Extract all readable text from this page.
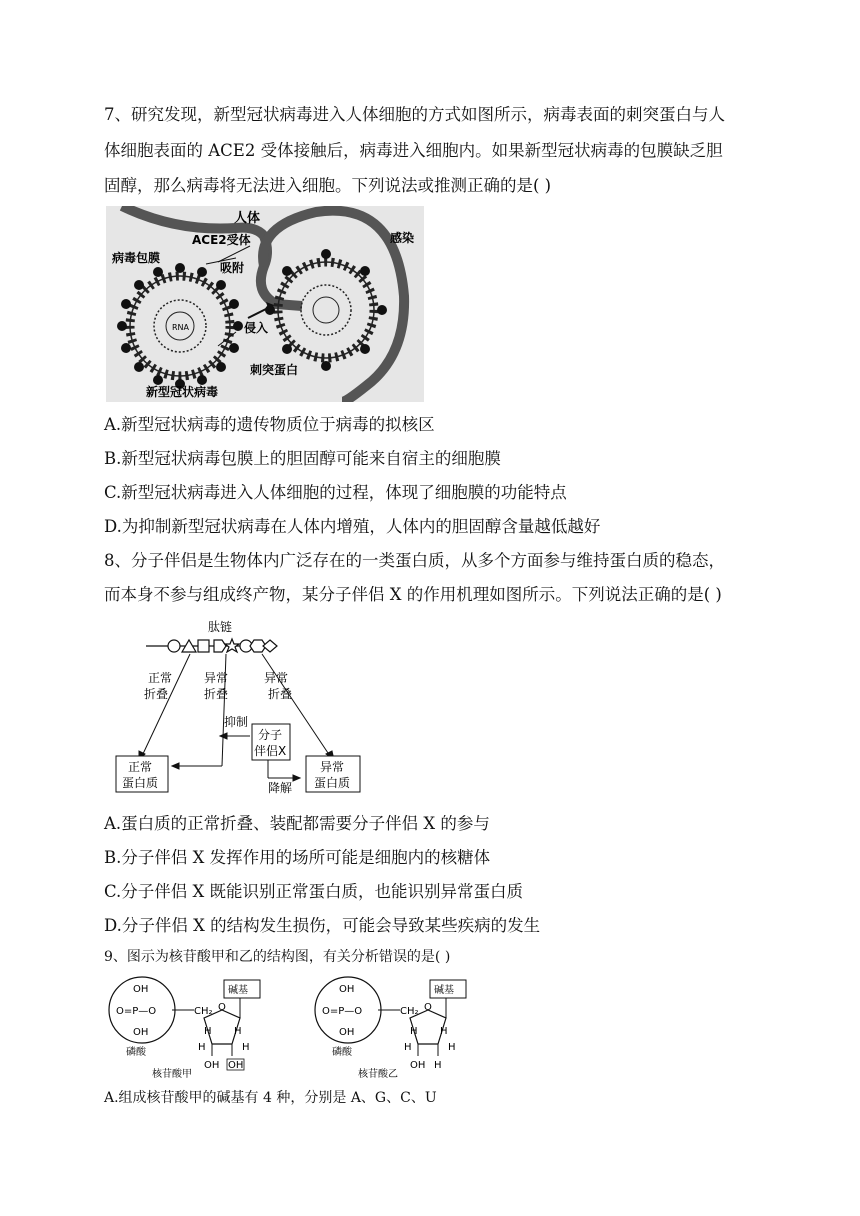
7、研究发现，新型冠状病毒进入人体细胞的方式如图所示，病毒表面的刺突蛋白与人
体细胞表面的 ACE2 受体接触后，病毒进入细胞内。如果新型冠状病毒的包膜缺乏胆
固醇，那么病毒将无法进入细胞。下列说法或推测正确的是( )
人体
ACE2受体
病毒包膜
吸附
感染
RNA	侵入
刺突蛋白
新型冠状病毒
A.新型冠状病毒的遗传物质位于病毒的拟核区
B.新型冠状病毒包膜上的胆固醇可能来自宿主的细胞膜
C.新型冠状病毒进入人体细胞的过程，体现了细胞膜的功能特点
D.为抑制新型冠状病毒在人体内增殖，人体内的胆固醇含量越低越好
8、分子伴侣是生物体内广泛存在的一类蛋白质，从多个方面参与维持蛋白质的稳态，
而本身不参与组成终产物，某分子伴侣 X 的作用机理如图所示。下列说法正确的是( )
肽链
正常
折叠
异常
折叠
异常
折叠
抑制
分子
伴侣X
正常
蛋白质	降解
异常
蛋白质
A.蛋白质的正常折叠、装配都需要分子伴侣 X 的参与
B.分子伴侣 X 发挥作用的场所可能是细胞内的核糖体
C.分子伴侣 X 既能识别正常蛋白质，也能识别异常蛋白质
D.分子伴侣 X 的结构发生损伤，可能会导致某些疾病的发生
9、图示为核苷酸甲和乙的结构图，有关分析错误的是( )
OH
O=P—O
OH
磷酸
CH₂ O
碱基
H H
H	H
OH OH
核苷酸甲
OH
O=P—O
OH
磷酸
CH₂ O
碱基
H H
H	H
OH H
核苷酸乙
A.组成核苷酸甲的碱基有 4 种，分别是 A、G、C、U
